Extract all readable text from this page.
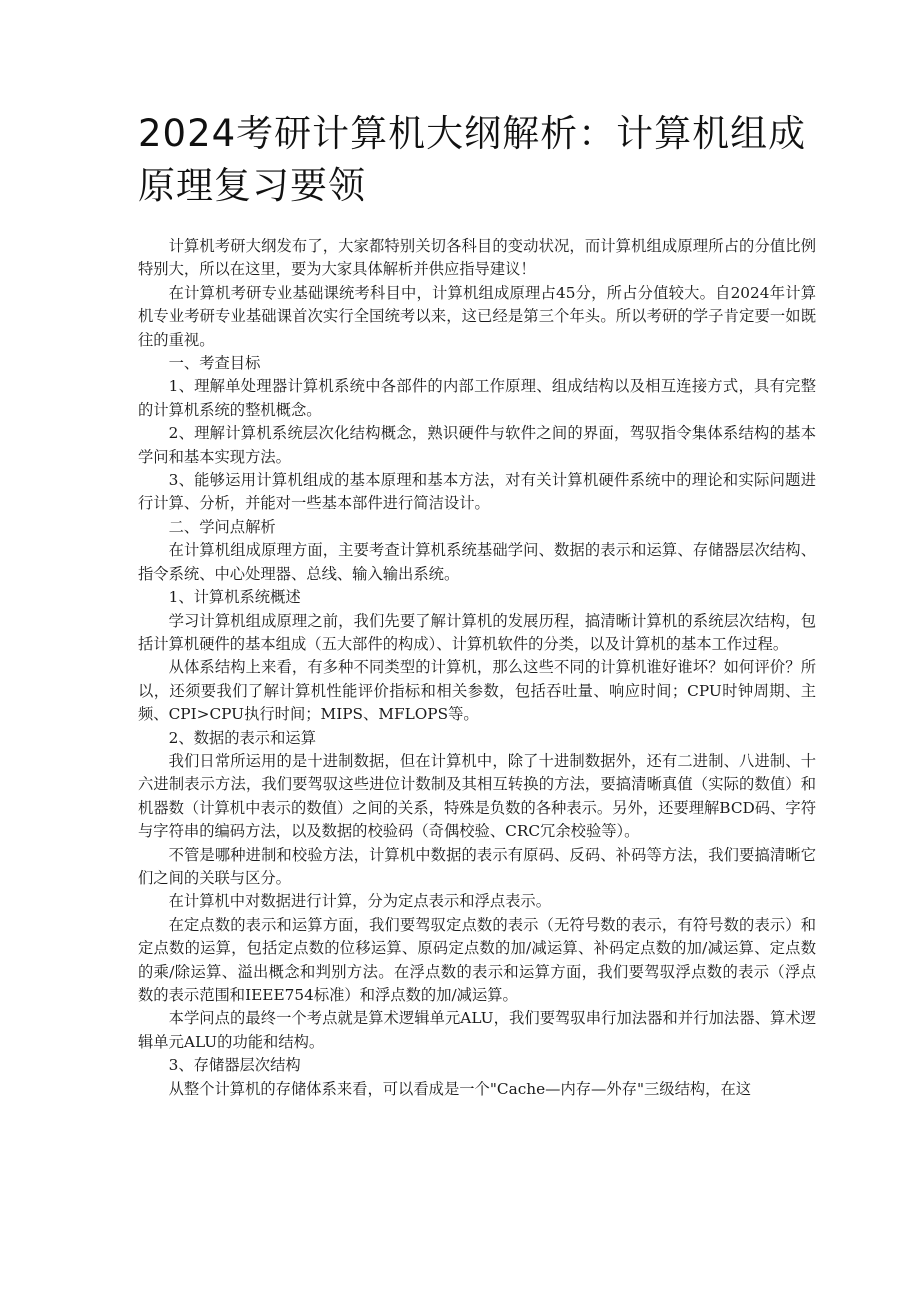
2024考研计算机大纲解析：计算机组成原理复习要领

计算机考研大纲发布了，大家都特别关切各科目的变动状况，而计算机组成原理所占的分值比例特别大，所以在这里，要为大家具体解析并供应指导建议！

在计算机考研专业基础课统考科目中，计算机组成原理占45分，所占分值较大。自2024年计算机专业考研专业基础课首次实行全国统考以来，这已经是第三个年头。所以考研的学子肯定要一如既往的重视。

一、考查目标

1、理解单处理器计算机系统中各部件的内部工作原理、组成结构以及相互连接方式，具有完整的计算机系统的整机概念。

2、理解计算机系统层次化结构概念，熟识硬件与软件之间的界面，驾驭指令集体系结构的基本学问和基本实现方法。

3、能够运用计算机组成的基本原理和基本方法，对有关计算机硬件系统中的理论和实际问题进行计算、分析，并能对一些基本部件进行简洁设计。

二、学问点解析

在计算机组成原理方面，主要考查计算机系统基础学问、数据的表示和运算、存储器层次结构、指令系统、中心处理器、总线、输入输出系统。

1、计算机系统概述

学习计算机组成原理之前，我们先要了解计算机的发展历程，搞清晰计算机的系统层次结构，包括计算机硬件的基本组成（五大部件的构成）、计算机软件的分类，以及计算机的基本工作过程。

从体系结构上来看，有多种不同类型的计算机，那么这些不同的计算机谁好谁坏？如何评价？所以，还须要我们了解计算机性能评价指标和相关参数，包括吞吐量、响应时间；CPU时钟周期、主频、CPI>CPU执行时间；MIPS、MFLOPS等。

2、数据的表示和运算

我们日常所运用的是十进制数据，但在计算机中，除了十进制数据外，还有二进制、八进制、十六进制表示方法，我们要驾驭这些进位计数制及其相互转换的方法，要搞清晰真值（实际的数值）和机器数（计算机中表示的数值）之间的关系，特殊是负数的各种表示。另外，还要理解BCD码、字符与字符串的编码方法，以及数据的校验码（奇偶校验、CRC冗余校验等）。

不管是哪种进制和校验方法，计算机中数据的表示有原码、反码、补码等方法，我们要搞清晰它们之间的关联与区分。

在计算机中对数据进行计算，分为定点表示和浮点表示。

在定点数的表示和运算方面，我们要驾驭定点数的表示（无符号数的表示，有符号数的表示）和定点数的运算，包括定点数的位移运算、原码定点数的加/减运算、补码定点数的加/减运算、定点数的乘/除运算、溢出概念和判别方法。在浮点数的表示和运算方面，我们要驾驭浮点数的表示（浮点数的表示范围和IEEE754标准）和浮点数的加/减运算。

本学问点的最终一个考点就是算术逻辑单元ALU，我们要驾驭串行加法器和并行加法器、算术逻辑单元ALU的功能和结构。

3、存储器层次结构

从整个计算机的存储体系来看，可以看成是一个"Cache—内存—外存"三级结构，在这
